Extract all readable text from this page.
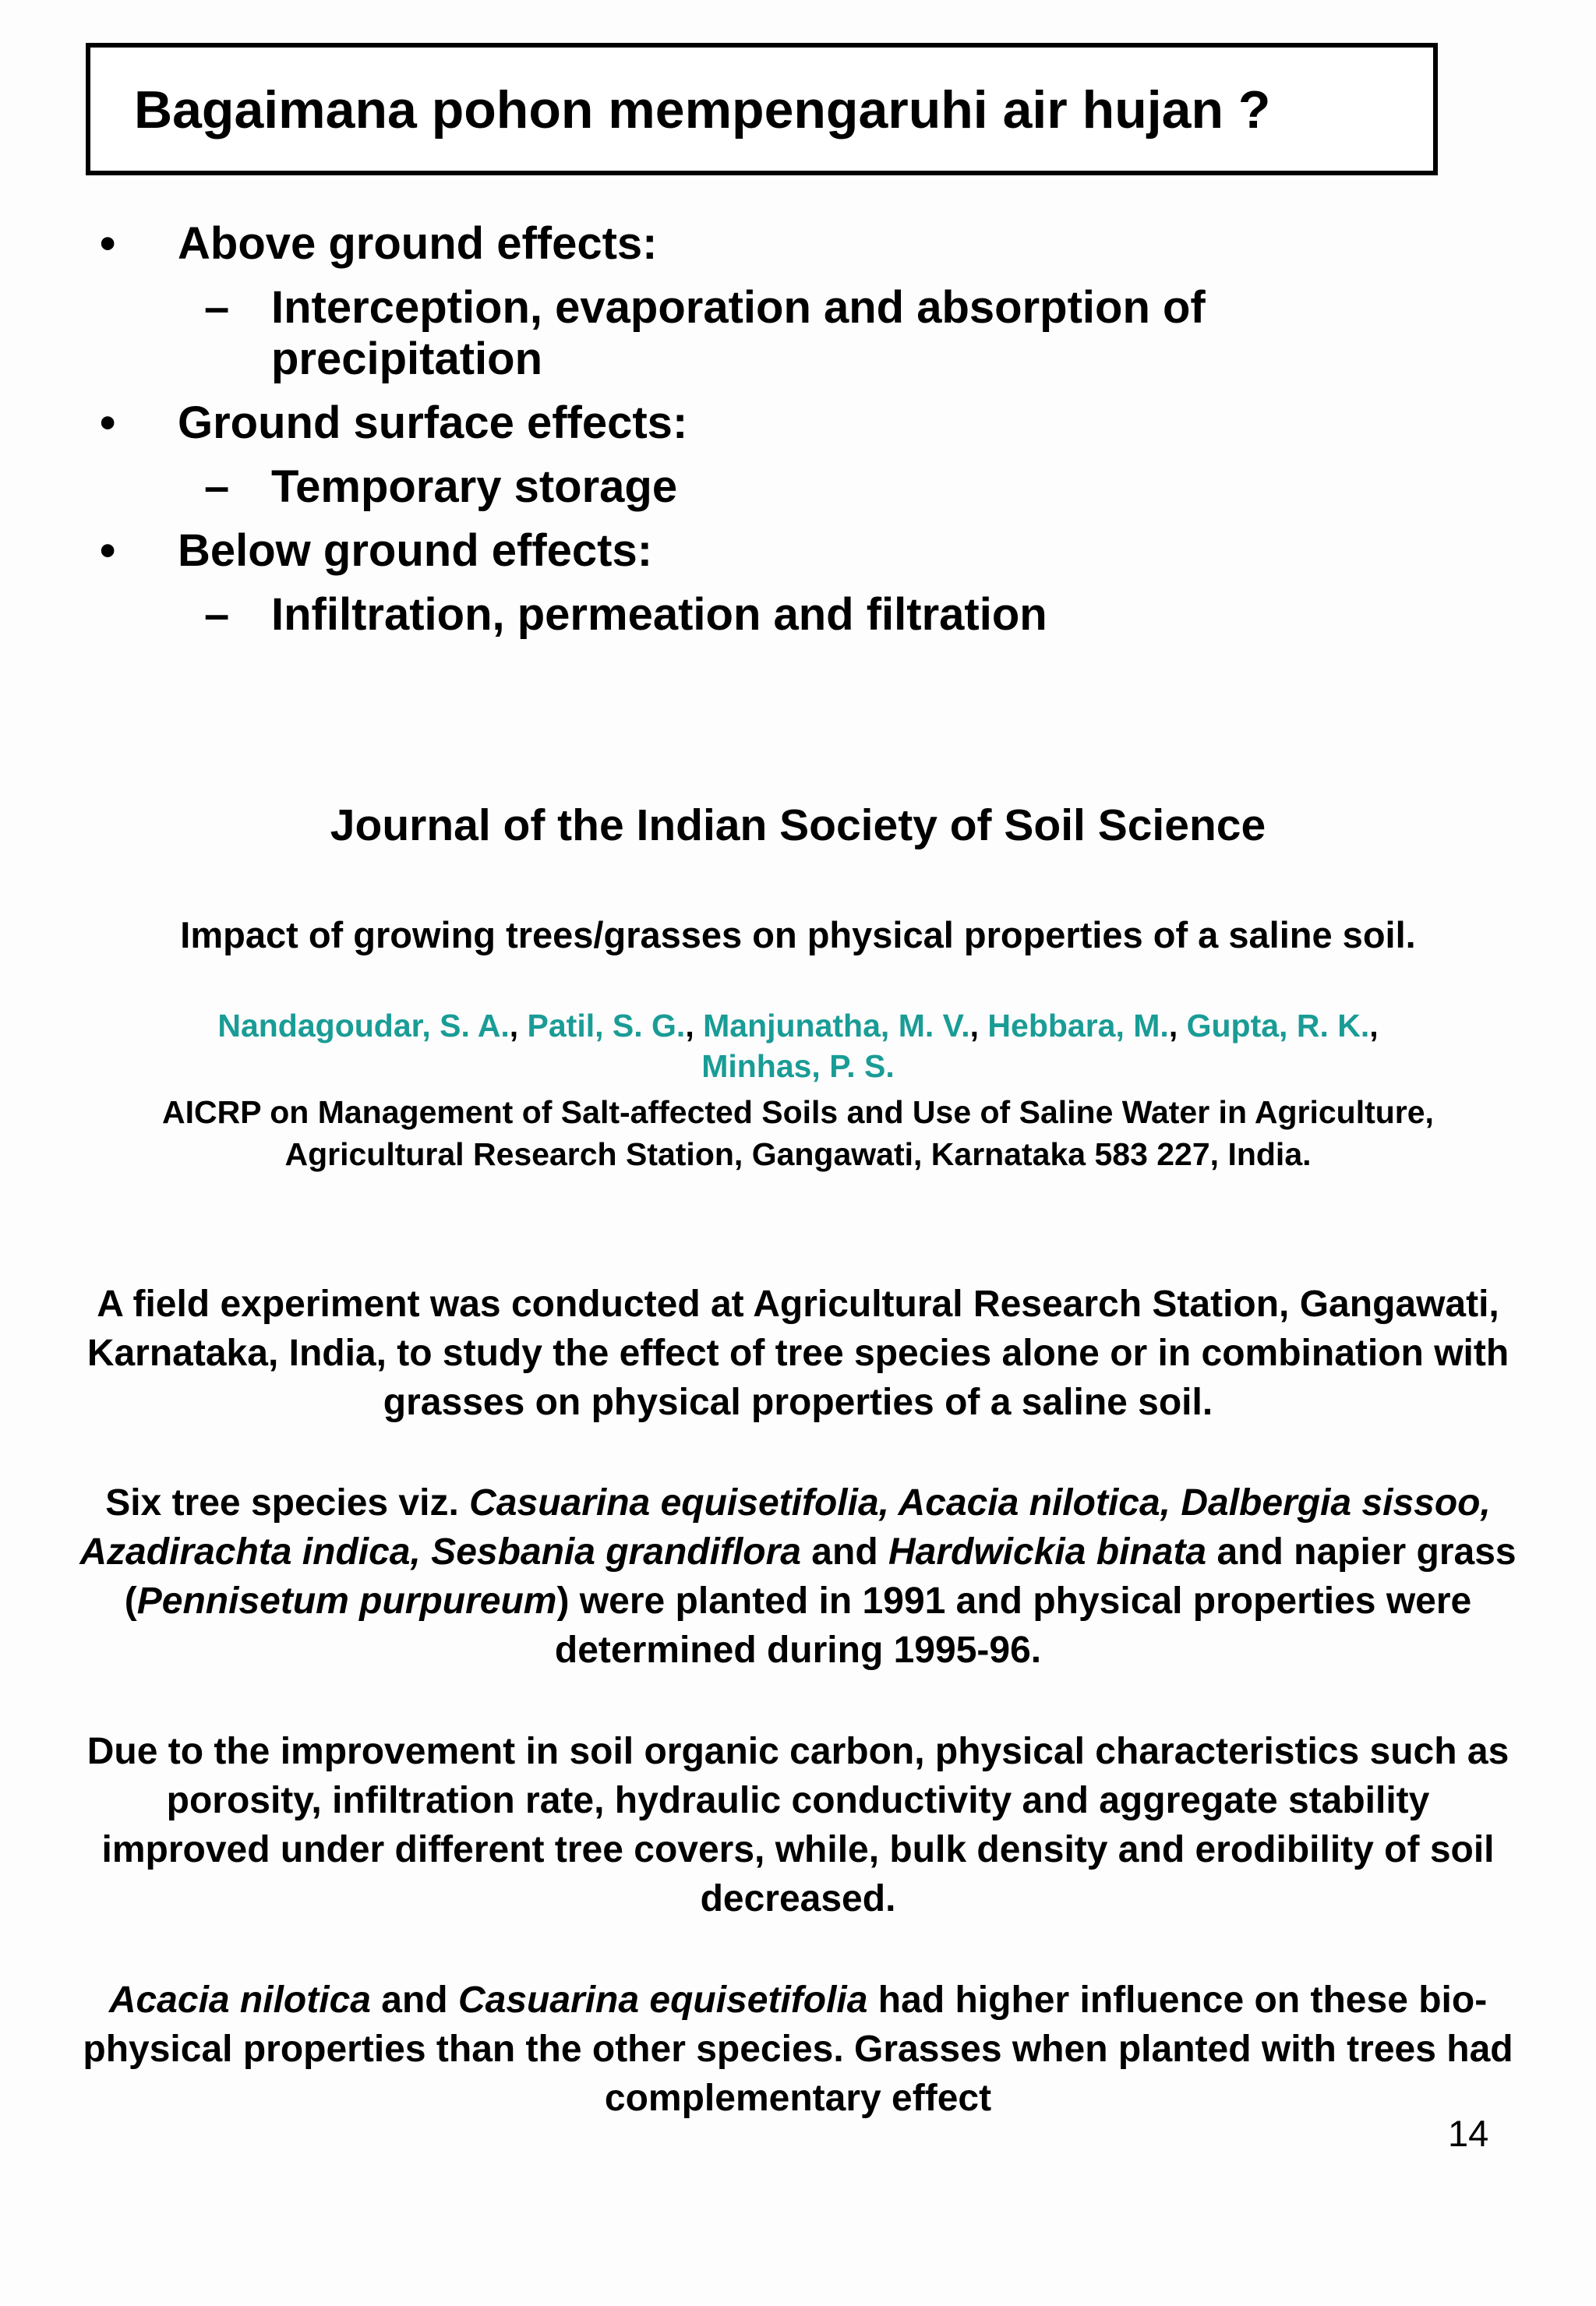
Bagaimana pohon mempengaruhi air hujan ?
• Above ground effects:
– Interception, evaporation and absorption of precipitation
• Ground surface effects:
– Temporary storage
• Below ground effects:
– Infiltration, permeation and filtration
Journal of the Indian Society of Soil Science
Impact of growing trees/grasses on physical properties of a saline soil.
Nandagoudar, S. A., Patil, S. G., Manjunatha, M. V., Hebbara, M., Gupta, R. K., Minhas, P. S.
AICRP on Management of Salt-affected Soils and Use of Saline Water in Agriculture,
Agricultural Research Station, Gangawati, Karnataka 583 227, India.
A field experiment was conducted at Agricultural Research Station, Gangawati, Karnataka, India, to study the effect of tree species alone or in combination with grasses on physical properties of a saline soil.
Six tree species viz. Casuarina equisetifolia, Acacia nilotica, Dalbergia sissoo, Azadirachta indica, Sesbania grandiflora and Hardwickia binata and napier grass (Pennisetum purpureum) were planted in 1991 and physical properties were determined during 1995-96.
Due to the improvement in soil organic carbon, physical characteristics such as porosity, infiltration rate, hydraulic conductivity and aggregate stability improved under different tree covers, while, bulk density and erodibility of soil decreased.
Acacia nilotica and Casuarina equisetifolia had higher influence on these bio-physical properties than the other species. Grasses when planted with trees had complementary effect
14
